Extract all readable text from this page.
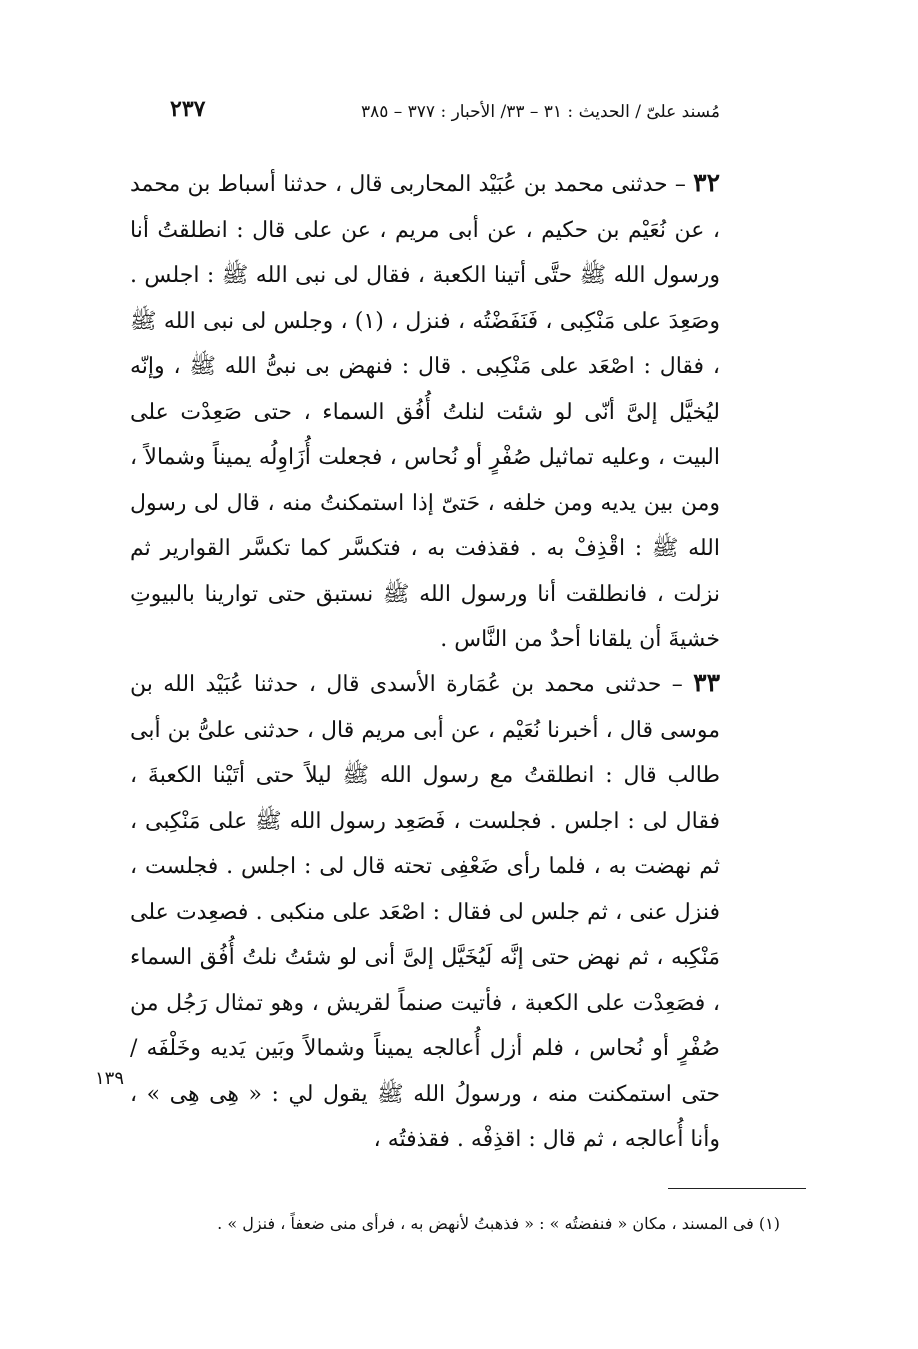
مُسند علىّ / الحديث : ٣١ – ٣٣/ الأحبار : ٣٧٧ – ٣٨٥
٢٣٧

٣٢ – حدثنى محمد بن عُبَيْد المحاربى قال ، حدثنا أسباط بن محمد ، عن نُعَيْم بن حكيم ، عن أبى مريم ، عن على قال : انطلقتُ أنا ورسول الله ﷺ حتَّى أتينا الكعبة ، فقال لى نبى الله ﷺ : اجلس . وصَعِدَ على مَنْكِبى ، فَنَفَضْتُه ، فنزل ، (١) ، وجلس لى نبى الله ﷺ ، فقال : اصْعَد على مَنْكِبى . قال : فنهض بى نبىُّ الله ﷺ ، وإنّه ليُخيَّل إلىَّ أنّى لو شئت لنلتُ أُفُق السماء ، حتى صَعِدْت على البيت ، وعليه تماثيل صُفْرٍ أو نُحاس ، فجعلت أُزَاوِلُه يميناً وشمالاً ، ومن بين يديه ومن خلفه ، حَتىّ إذا استمكنتُ منه ، قال لى رسول الله ﷺ : اقْذِفْ به . فقذفت به ، فتكسَّر كما تكسَّر القوارير ثم نزلت ، فانطلقت أنا ورسول الله ﷺ نستبق حتى توارينا بالبيوتِ خشيةَ أن يلقانا أحدٌ من النَّاس .

٣٣ – حدثنى محمد بن عُمَارة الأسدى قال ، حدثنا عُبَيْد الله بن موسى قال ، أخبرنا نُعَيْم ، عن أبى مريم قال ، حدثنى علىُّ بن أبى طالب قال : انطلقتُ مع رسول الله ﷺ ليلاً حتى أتَيْنا الكعبةَ ، فقال لى : اجلس . فجلست ، فَصَعِد رسول الله ﷺ على مَنْكِبى ، ثم نهضت به ، فلما رأى ضَعْفِى تحته قال لى : اجلس . فجلست ، فنزل عنى ، ثم جلس لى فقال : اصْعَد على منكبى . فصعِدت على مَنْكِبه ، ثم نهض حتى إنَّه لَيُخَيَّل إلىَّ أنى لو شئتُ نلتُ أُفُق السماء ، فصَعِدْت على الكعبة ، فأتيت صنماً لقريش ، وهو تمثال رَجُل من صُفْرٍ أو نُحاس ، فلم أزل أُعالجه يميناً وشمالاً وبَين يَديه وخَلْفَه / حتى استمكنت منه ، ورسولُ الله ﷺ يقول لي : « هِى هِى » ، وأنا أُعالجه ، ثم قال : اقذِفْه . فقذفتُه ،

١٣٩
(١) فى المسند ، مكان « فنفضتُه » : « فذهبتُ لأنهض به ، فرأى منى ضعفاً ، فنزل » .
